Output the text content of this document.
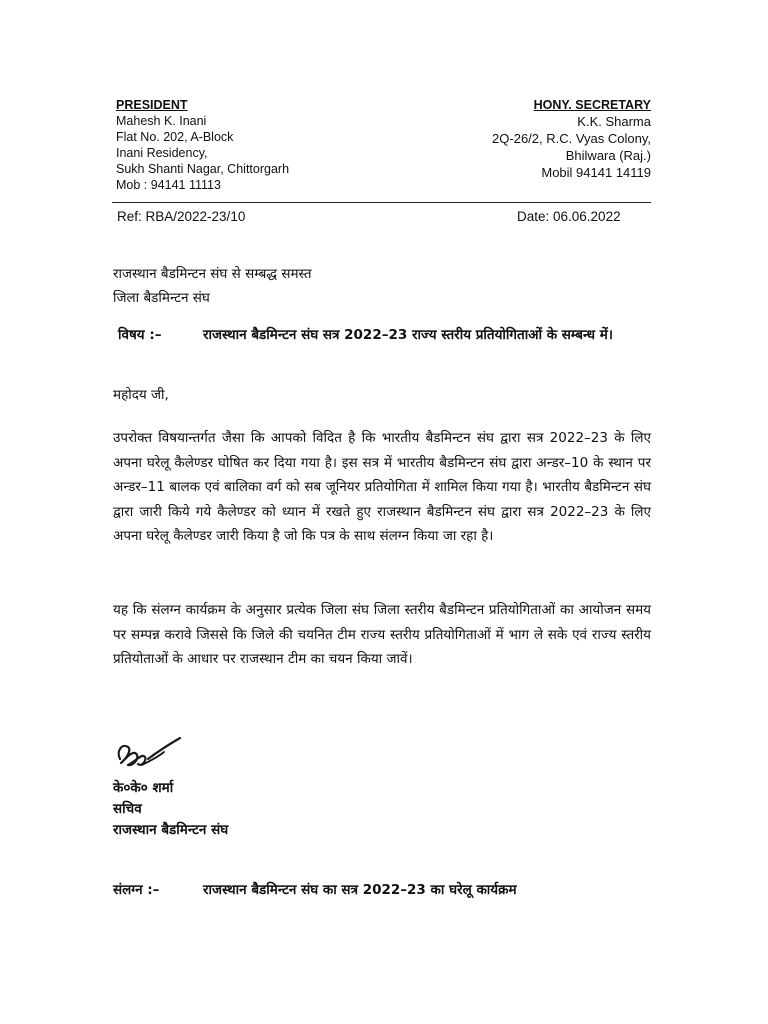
PRESIDENT
Mahesh K. Inani
Flat No. 202, A-Block
Inani Residency,
Sukh Shanti Nagar, Chittorgarh
Mob : 94141 11113
HONY. SECRETARY
K.K. Sharma
2Q-26/2, R.C. Vyas Colony,
Bhilwara (Raj.)
Mobil 94141 14119
Ref: RBA/2022-23/10	Date: 06.06.2022
राजस्थान बैडमिन्टन संघ से सम्बद्ध समस्त
जिला बैडमिन्टन संघ
विषय :–	राजस्थान बैडमिन्टन संघ सत्र 2022–23 राज्य स्तरीय प्रतियोगिताओं के सम्बन्ध में।
महोदय जी,
उपरोक्त विषयान्तर्गत जैसा कि आपको विदित है कि भारतीय बैडमिन्टन संघ द्वारा सत्र 2022–23 के लिए अपना घरेलू कैलेण्डर घोषित कर दिया गया है। इस सत्र में भारतीय बैडमिन्टन संघ द्वारा अन्डर–10 के स्थान पर अन्डर–11 बालक एवं बालिका वर्ग को सब जूनियर प्रतियोगिता में शामिल किया गया है। भारतीय बैडमिन्टन संघ द्वारा जारी किये गये कैलेण्डर को ध्यान में रखते हुए राजस्थान बैडमिन्टन संघ द्वारा सत्र 2022–23 के लिए अपना घरेलू कैलेण्डर जारी किया है जो कि पत्र के साथ संलग्न किया जा रहा है।
यह कि संलग्न कार्यक्रम के अनुसार प्रत्येक जिला संघ जिला स्तरीय बैडमिन्टन प्रतियोगिताओं का आयोजन समय पर सम्पन्न करावे जिससे कि जिले की चयनित टीम राज्य स्तरीय प्रतियोगिताओं में भाग ले सके एवं राज्य स्तरीय प्रतियोताओं के आधार पर राजस्थान टीम का चयन किया जावें।
के०के० शर्मा
सचिव
राजस्थान बैडमिन्टन संघ
संलग्न :–	राजस्थान बैडमिन्टन संघ का सत्र 2022–23 का घरेलू कार्यक्रम
